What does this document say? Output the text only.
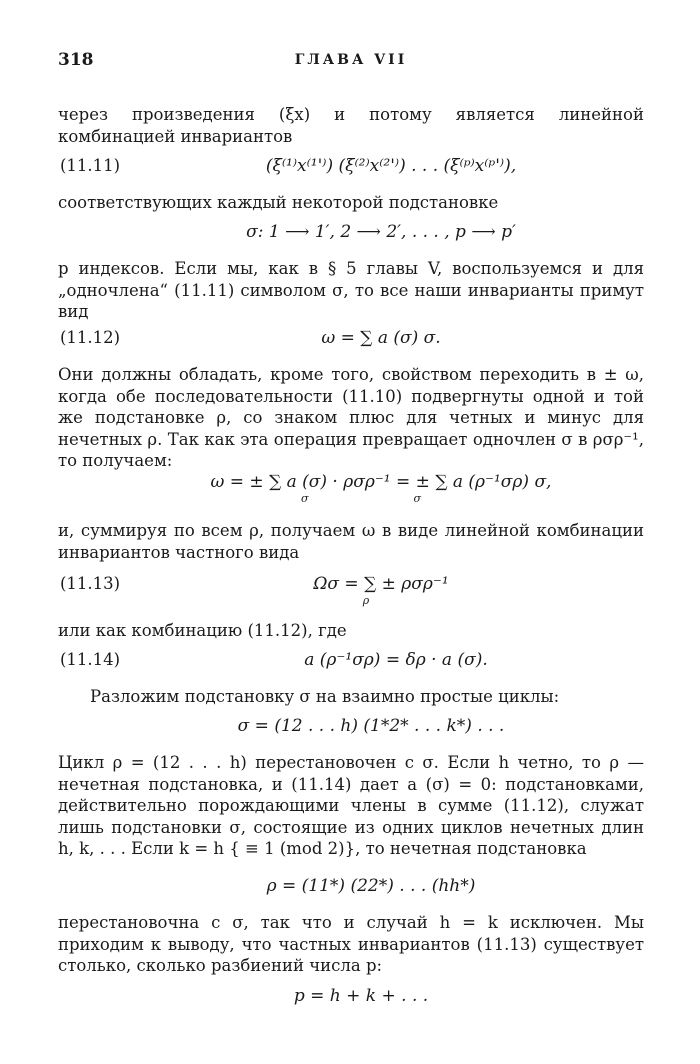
318	ГЛАВА VII

через произведения (ξx) и потому является линейной комбинацией инвариантов

(11.11)	(ξ⁽¹⁾x⁽¹'⁾) (ξ⁽²⁾x⁽²'⁾) . . . (ξ⁽ᵖ⁾x⁽ᵖ'⁾),

соответствующих каждый некоторой подстановке

σ: 1 ⟶ 1′, 2 ⟶ 2′, . . . , p ⟶ p′

p индексов. Если мы, как в § 5 главы V, воспользуемся и для „одночлена“ (11.11) символом σ, то все наши инварианты примут вид

(11.12)	ω = ∑ a (σ) σ.

Они должны обладать, кроме того, свойством переходить в ± ω, когда обе последовательности (11.10) подвергнуты одной и той же подстановке ρ, со знаком плюс для четных и минус для нечетных ρ. Так как эта операция превращает одночлен σ в ρσρ⁻¹, то получаем:

ω = ± ∑ a (σ) · ρσρ⁻¹ = ± ∑ a (ρ⁻¹σρ) σ,
σ                              σ

и, суммируя по всем ρ, получаем ω в виде линейной комбинации инвариантов частного вида

(11.13)	Ωσ = ∑ ± ρσρ⁻¹
ρ

или как комбинацию (11.12), где

(11.14)	a (ρ⁻¹σρ) = δρ · a (σ).

Разложим подстановку σ на взаимно простые циклы:

σ = (12 . . . h) (1*2* . . . k*) . . .

Цикл ρ = (12 . . . h) перестановочен с σ. Если h четно, то ρ — нечетная подстановка, и (11.14) дает a (σ) = 0: подстановками, действительно порождающими члены в сумме (11.12), служат лишь подстановки σ, состоящие из одних циклов нечетных длин h, k, . . . Если k = h { ≡ 1 (mod 2)}, то нечетная подстановка

ρ = (11*) (22*) . . . (hh*)

перестановочна с σ, так что и случай h = k исключен. Мы приходим к выводу, что частных инвариантов (11.13) существует столько, сколько разбиений числа p:

p = h + k + . . .
